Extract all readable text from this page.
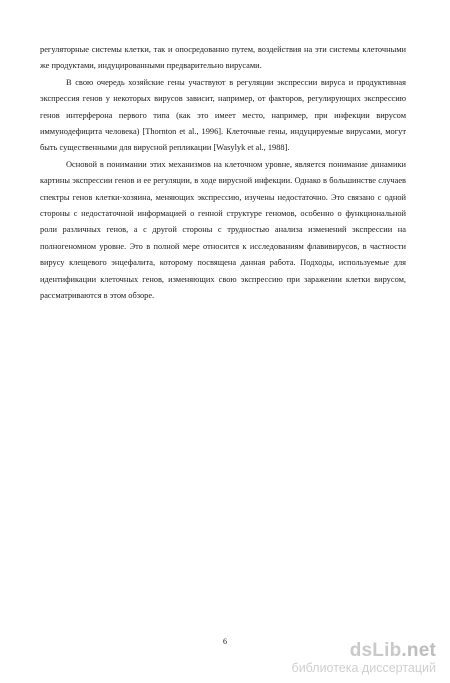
регуляторные системы клетки, так и опосредованно путем, воздействия на эти системы клеточными же продуктами, индуцированными предварительно вирусами.

В свою очередь хозяйские гены участвуют в регуляции экспрессии вируса и продуктивная экспрессия генов у некоторых вирусов зависит, например, от факторов, регулирующих экспрессию генов интерферона первого типа (как это имеет место, например, при инфекции вирусом иммунодефицита человека) [Thornton et al., 1996]. Клеточные гены, индуцируемые вирусами, могут быть существенными для вирусной репликации [Wasylyk et al., 1988].

Основой в понимании этих механизмов на клеточном уровне, является понимание динамики картины экспрессии генов и ее регуляции, в ходе вирусной инфекции. Однако в большинстве случаев спектры генов клетки-хозяина, меняющих экспрессию, изучены недостаточно. Это связано с одной стороны с недостаточной информацией о генной структуре геномов, особенно о функциональной роли различных генов, а с другой стороны с трудностью анализа изменений экспрессии на полногеномном уровне. Это в полной мере относится к исследованиям флавивирусов, в частности вирусу клещевого энцефалита, которому посвящена данная работа. Подходы, используемые для идентификации клеточных генов, изменяющих свою экспрессию при заражении клетки вирусом, рассматриваются в этом обзоре.

6	dsLib.net
библиотека диссертаций
